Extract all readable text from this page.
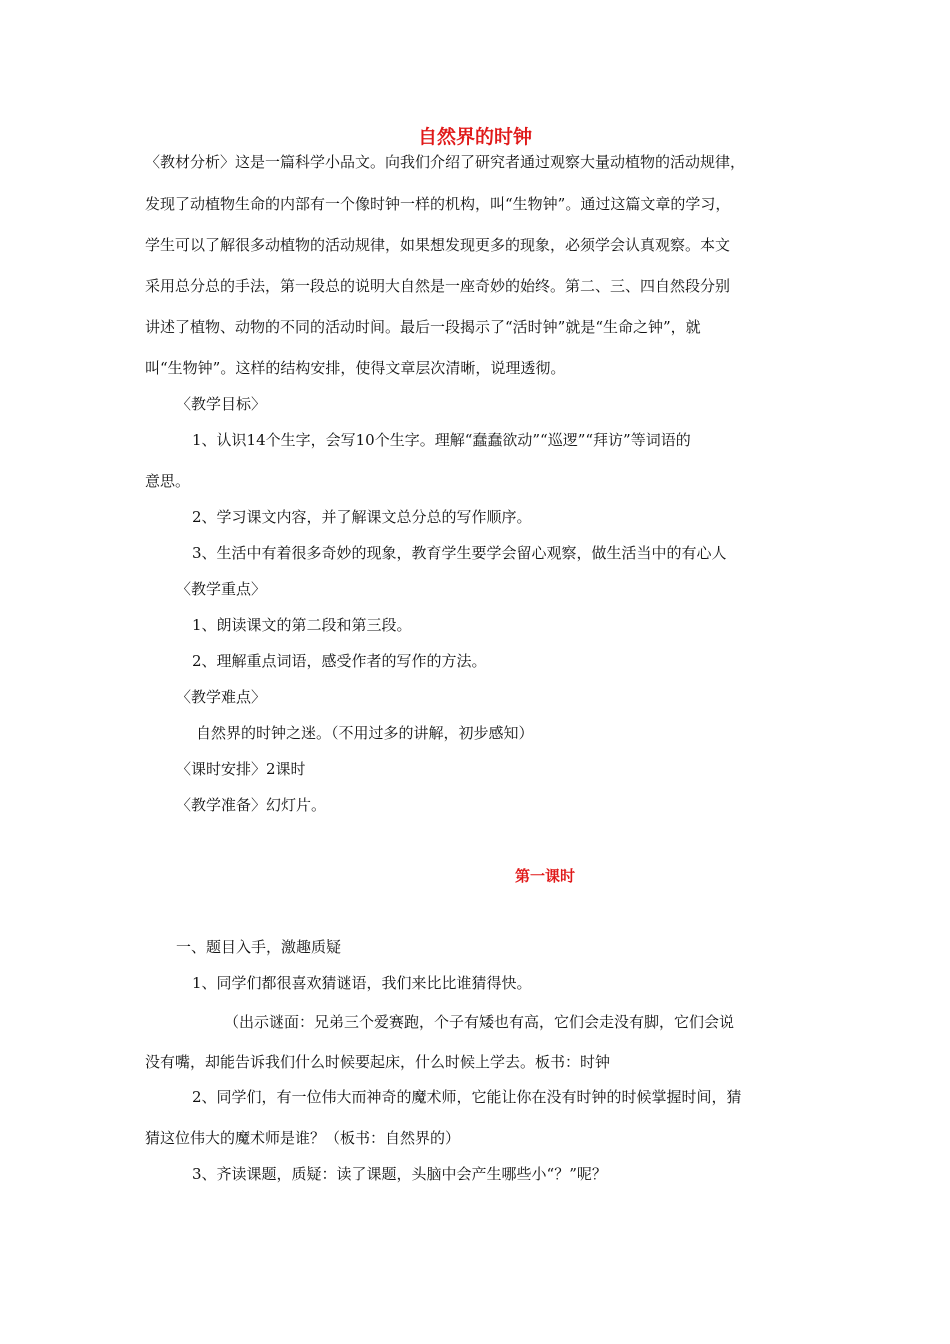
自然界的时钟
〈教材分析〉这是一篇科学小品文。向我们介绍了研究者通过观察大量动植物的活动规律，
发现了动植物生命的内部有一个像时钟一样的机构，叫“生物钟”。通过这篇文章的学习，
学生可以了解很多动植物的活动规律，如果想发现更多的现象，必须学会认真观察。本文
采用总分总的手法，第一段总的说明大自然是一座奇妙的始终。第二、三、四自然段分别
讲述了植物、动物的不同的活动时间。最后一段揭示了“活时钟”就是“生命之钟”，就
叫“生物钟”。这样的结构安排，使得文章层次清晰，说理透彻。
〈教学目标〉
1、认识14个生字，会写10个生字。理解“蠢蠢欲动”“巡逻”“拜访”等词语的
意思。
2、学习课文内容，并了解课文总分总的写作顺序。
3、生活中有着很多奇妙的现象，教育学生要学会留心观察，做生活当中的有心人
〈教学重点〉
1、朗读课文的第二段和第三段。
2、理解重点词语，感受作者的写作的方法。
〈教学难点〉
自然界的时钟之迷。（不用过多的讲解，初步感知）
〈课时安排〉2课时
〈教学准备〉幻灯片。
第一课时
一、题目入手，激趣质疑
1、同学们都很喜欢猜谜语，我们来比比谁猜得快。
（出示谜面：兄弟三个爱赛跑，个子有矮也有高，它们会走没有脚，它们会说
没有嘴，却能告诉我们什么时候要起床，什么时候上学去。板书：时钟
2、同学们，有一位伟大而神奇的魔术师，它能让你在没有时钟的时候掌握时间，猜
猜这位伟大的魔术师是谁？（板书：自然界的）
3、齐读课题，质疑：读了课题，头脑中会产生哪些小“？”呢？
